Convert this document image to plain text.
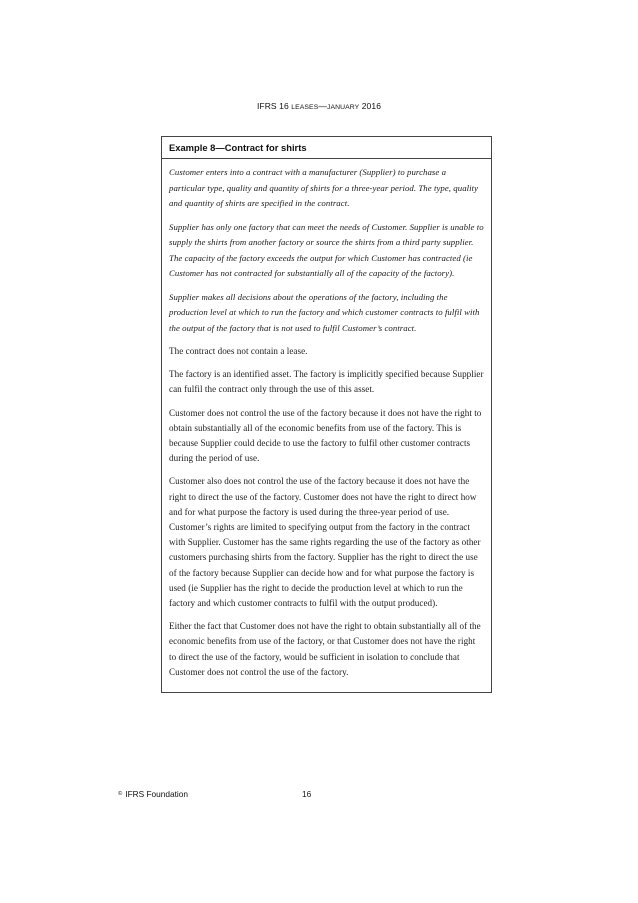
IFRS 16 LEASES—JANUARY 2016
Example 8—Contract for shirts

Customer enters into a contract with a manufacturer (Supplier) to purchase a particular type, quality and quantity of shirts for a three-year period. The type, quality and quantity of shirts are specified in the contract.

Supplier has only one factory that can meet the needs of Customer. Supplier is unable to supply the shirts from another factory or source the shirts from a third party supplier. The capacity of the factory exceeds the output for which Customer has contracted (ie Customer has not contracted for substantially all of the capacity of the factory).

Supplier makes all decisions about the operations of the factory, including the production level at which to run the factory and which customer contracts to fulfil with the output of the factory that is not used to fulfil Customer’s contract.

The contract does not contain a lease.

The factory is an identified asset. The factory is implicitly specified because Supplier can fulfil the contract only through the use of this asset.

Customer does not control the use of the factory because it does not have the right to obtain substantially all of the economic benefits from use of the factory. This is because Supplier could decide to use the factory to fulfil other customer contracts during the period of use.

Customer also does not control the use of the factory because it does not have the right to direct the use of the factory. Customer does not have the right to direct how and for what purpose the factory is used during the three-year period of use. Customer’s rights are limited to specifying output from the factory in the contract with Supplier. Customer has the same rights regarding the use of the factory as other customers purchasing shirts from the factory. Supplier has the right to direct the use of the factory because Supplier can decide how and for what purpose the factory is used (ie Supplier has the right to decide the production level at which to run the factory and which customer contracts to fulfil with the output produced).

Either the fact that Customer does not have the right to obtain substantially all of the economic benefits from use of the factory, or that Customer does not have the right to direct the use of the factory, would be sufficient in isolation to conclude that Customer does not control the use of the factory.

© IFRS Foundation	16
